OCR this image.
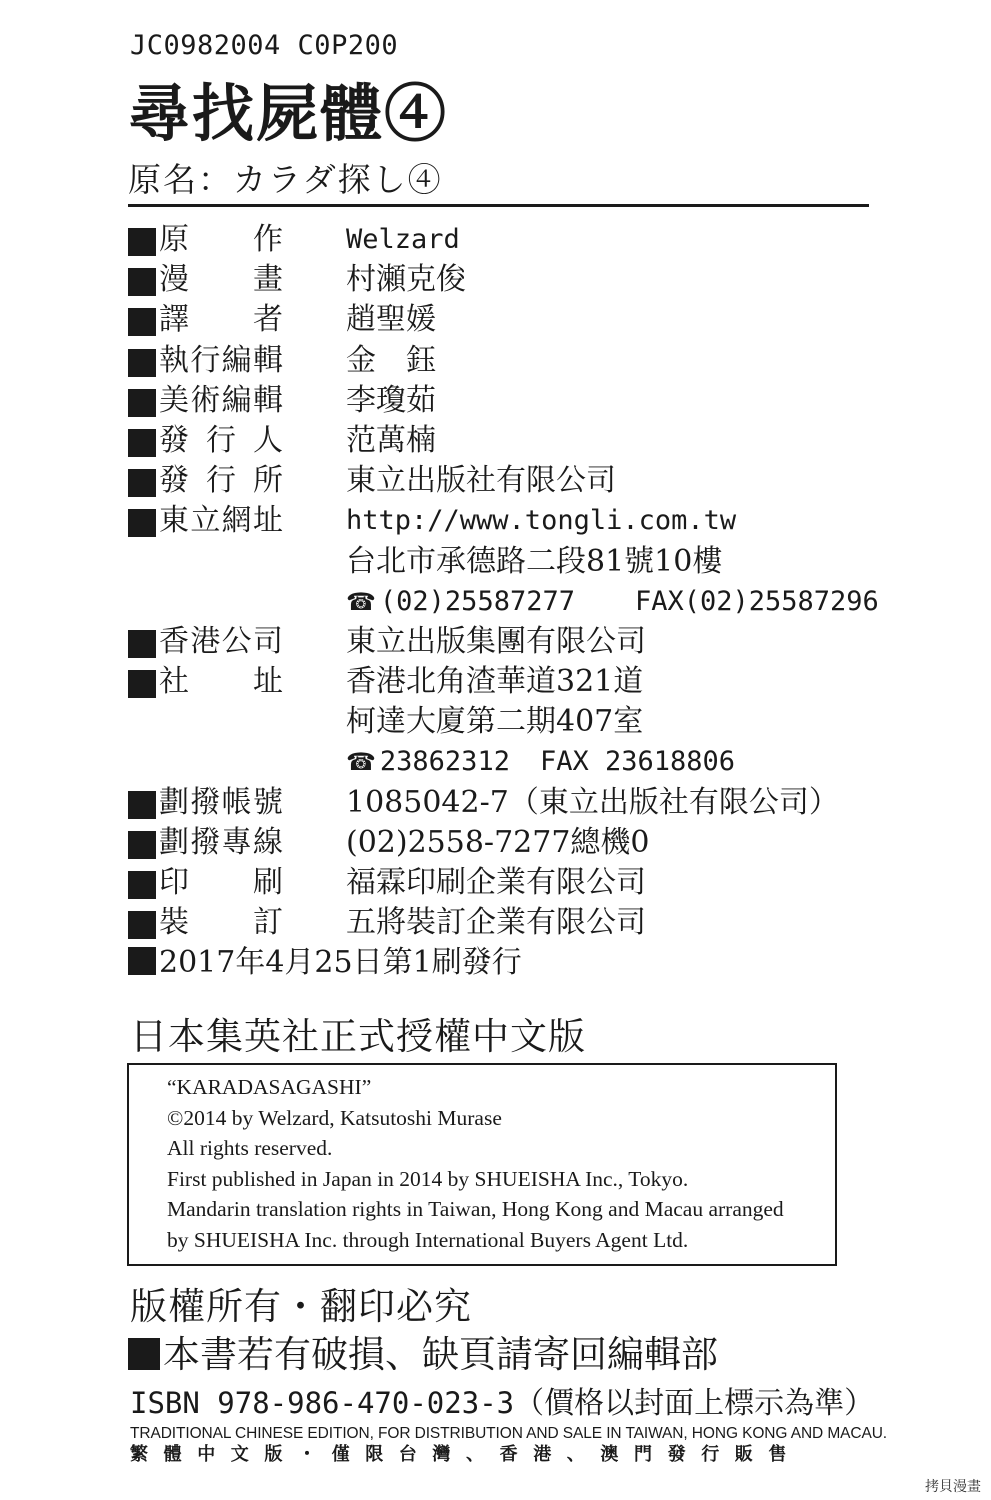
JC0982004 C0P200
尋找屍體④
原名：カラダ探し④
原 作 Welzard
漫 畫 村瀬克俊
譯 者 趙聖媛
執 行 編 輯 金　鈺
美 術 編 輯 李瓊茹
發 行 人 范萬楠
發 行 所 東立出版社有限公司
東 立 網 址 http://www.tongli.com.tw
台北市承德路二段81號10樓
☎ (02)25587277 FAX(02)25587296
香 港 公 司 東立出版集團有限公司
社 址 香港北角渣華道321道
柯達大廈第二期407室
☎ 23862312 FAX 23618806
劃 撥 帳 號 1085042-7（東立出版社有限公司）
劃 撥 專 線 (02)2558-7277總機0
印 刷 福霖印刷企業有限公司
裝 訂 五將裝訂企業有限公司
2017年4月25日第1刷發行
日本集英社正式授權中文版
“KARADASAGASHI”
©2014 by Welzard, Katsutoshi Murase
All rights reserved.
First published in Japan in 2014 by SHUEISHA Inc., Tokyo.
Mandarin translation rights in Taiwan, Hong Kong and Macau arranged
by SHUEISHA Inc. through International Buyers Agent Ltd.
版權所有・翻印必究
本書若有破損、缺頁請寄回編輯部
ISBN 978-986-470-023-3（價格以封面上標示為準）
TRADITIONAL CHINESE EDITION, FOR DISTRIBUTION AND SALE IN TAIWAN, HONG KONG AND MACAU.
繁體中文版・僅限台灣、香港、澳門發行販售
拷貝漫畫
